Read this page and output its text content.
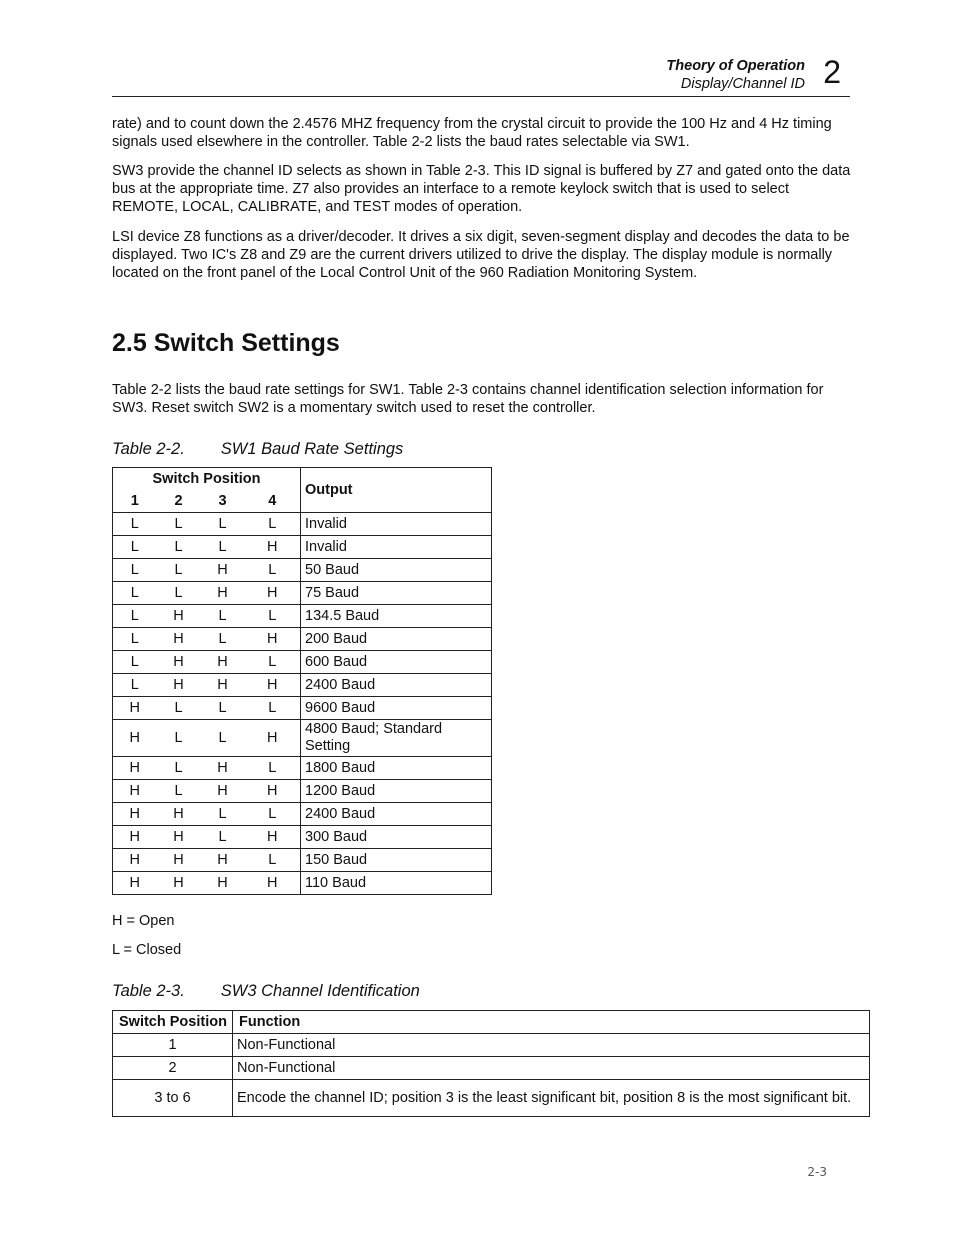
Theory of Operation
Display/Channel ID 2

rate) and to count down the 2.4576 MHZ frequency from the crystal circuit to provide the 100 Hz and 4 Hz timing signals used elsewhere in the controller. Table 2-2 lists the baud rates selectable via SW1.

SW3 provide the channel ID selects as shown in Table 2-3. This ID signal is buffered by Z7 and gated onto the data bus at the appropriate time. Z7 also provides an interface to a remote keylock switch that is used to select REMOTE, LOCAL, CALIBRATE, and TEST modes of operation.

LSI device Z8 functions as a driver/decoder. It drives a six digit, seven-segment display and decodes the data to be displayed. Two IC's Z8 and Z9 are the current drivers utilized to drive the display. The display module is normally located on the front panel of the Local Control Unit of the 960 Radiation Monitoring System.

2.5 Switch Settings

Table 2-2 lists the baud rate settings for SW1. Table 2-3 contains channel identification selection information for SW3. Reset switch SW2 is a momentary switch used to reset the controller.

Table 2-2. SW1 Baud Rate Settings
Switch Position				Output
1	2	3	4	
L	L	L	L	Invalid
L	L	L	H	Invalid
L	L	H	L	50 Baud
L	L	H	H	75 Baud
L	H	L	L	134.5 Baud
L	H	L	H	200 Baud
L	H	H	L	600 Baud
L	H	H	H	2400 Baud
H	L	L	L	9600 Baud
H	L	L	H	4800 Baud; Standard Setting
H	L	H	L	1800 Baud
H	L	H	H	1200 Baud
H	H	L	L	2400 Baud
H	H	L	H	300 Baud
H	H	H	L	150 Baud
H	H	H	H	110 Baud
H = Open
L = Closed
Table 2-3. SW3 Channel Identification
Switch Position	Function
1	Non-Functional
2	Non-Functional
3 to 6	Encode the channel ID; position 3 is the least significant bit, position 8 is the most significant bit.
2-3
